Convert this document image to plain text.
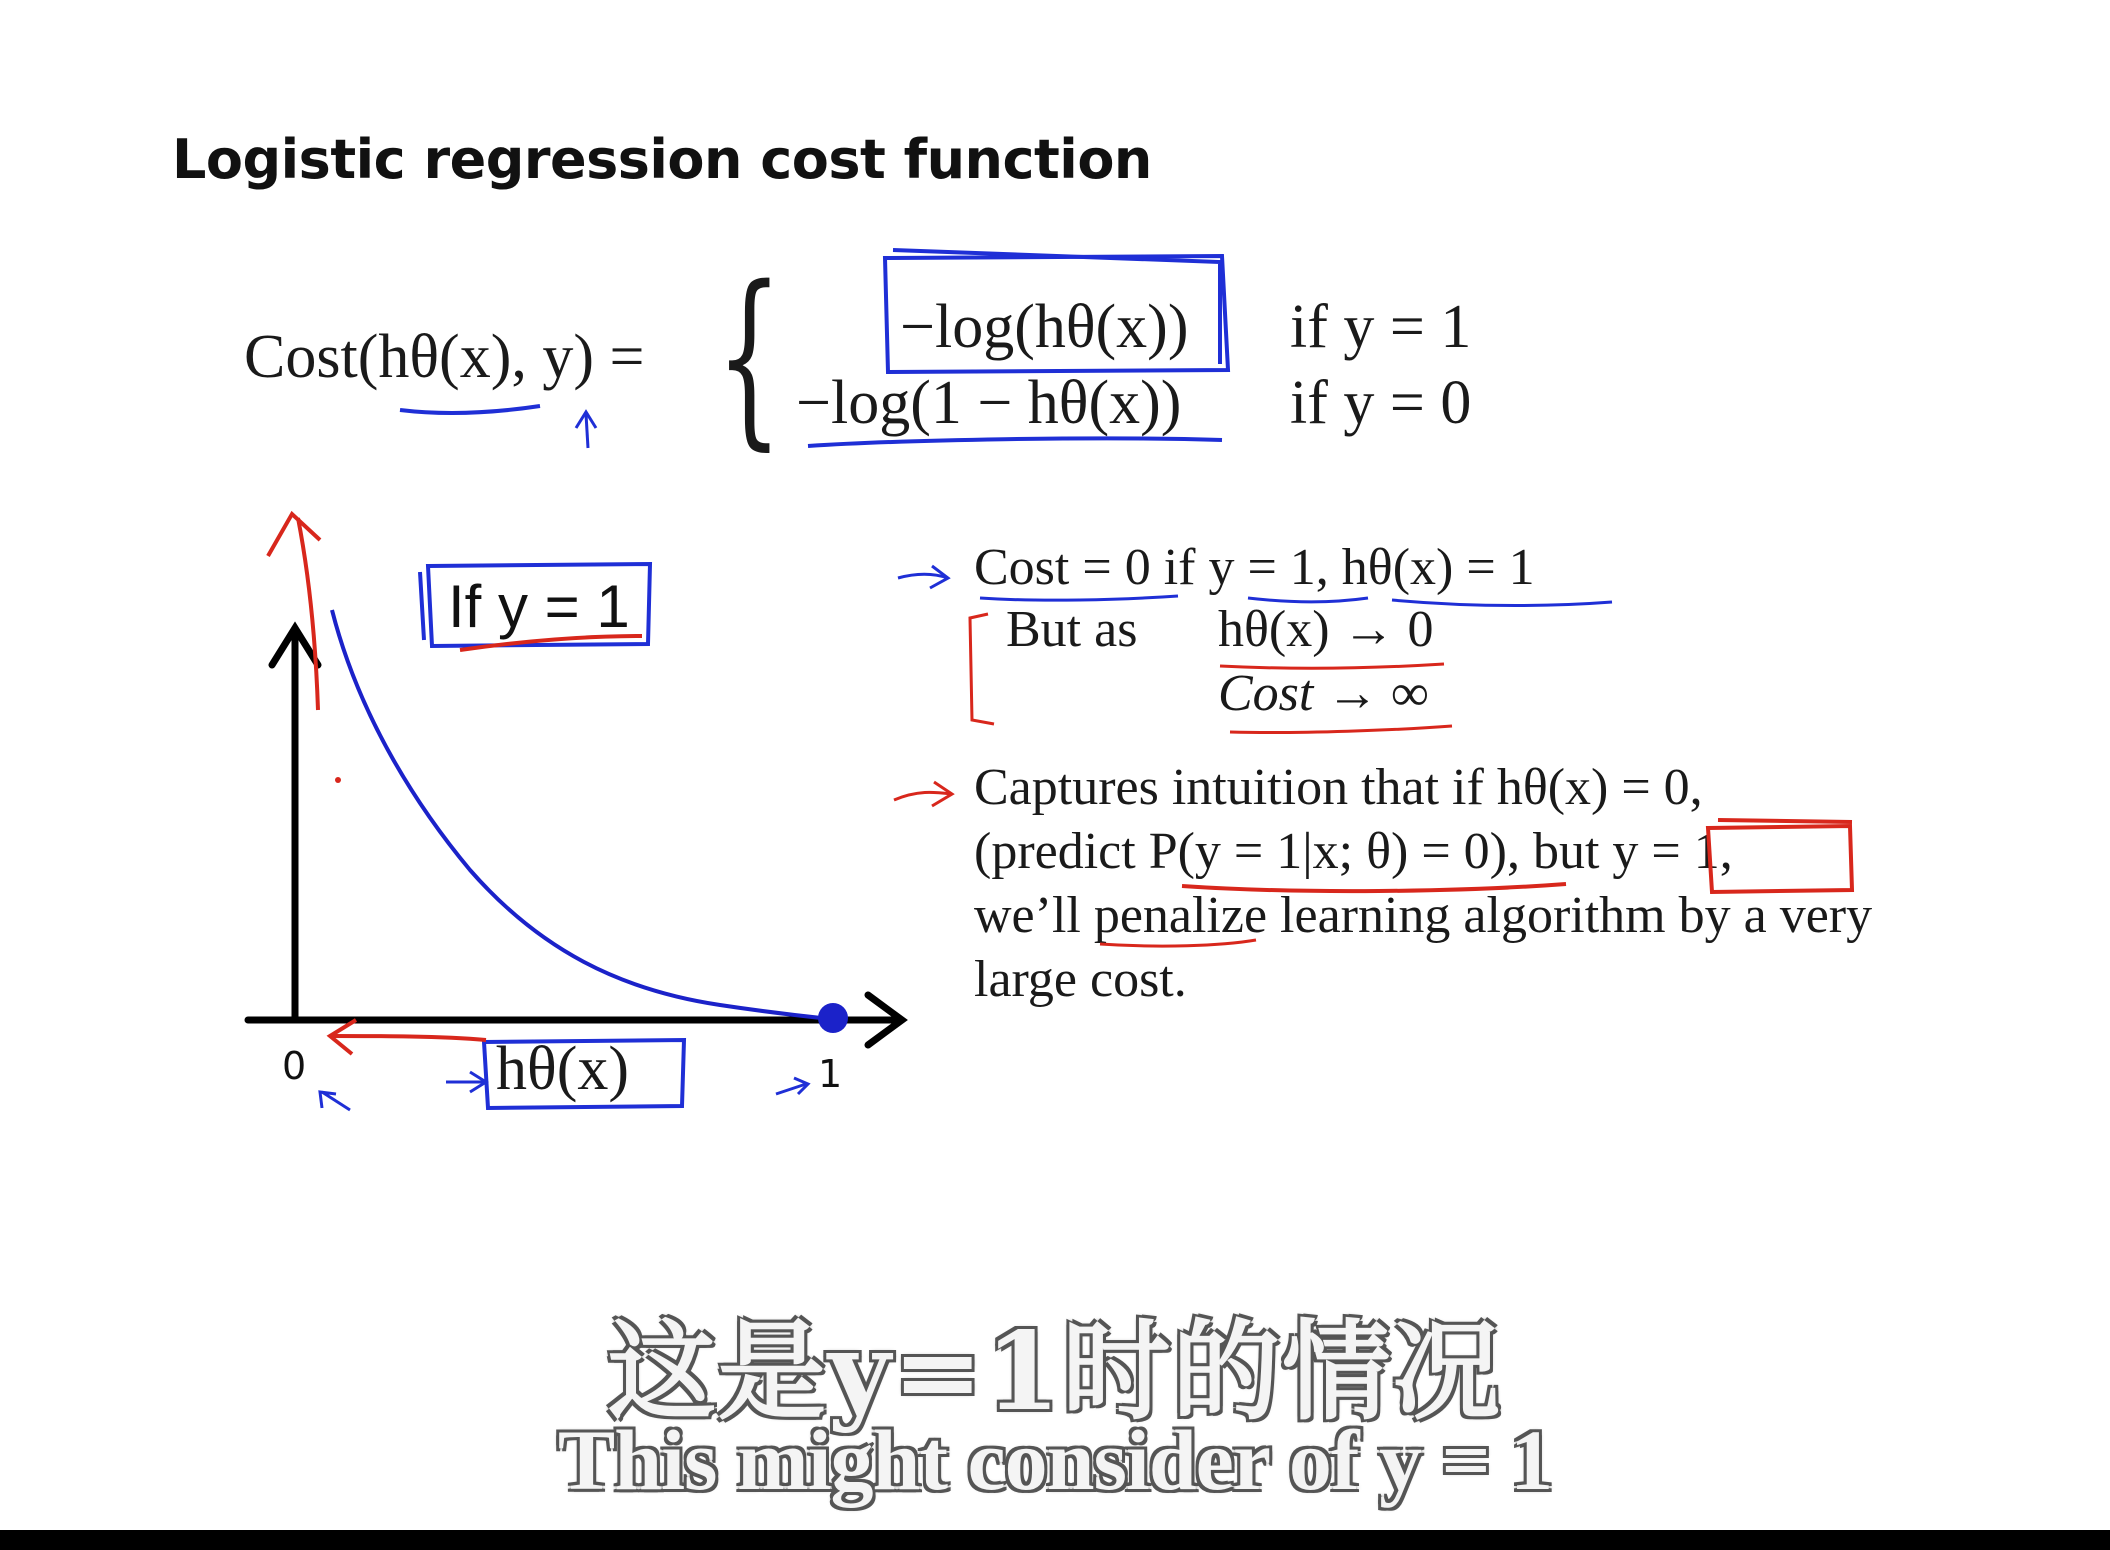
Logistic regression cost function
Cost(hθ(x), y) = { −log(hθ(x)) if y = 1
−log(1 − hθ(x)) if y = 0
If y = 1
hθ(x)
0	1
Cost = 0 if y = 1, hθ(x) = 1
But as hθ(x) → 0
Cost → ∞
Captures intuition that if hθ(x) = 0,
(predict P(y = 1|x; θ) = 0), but y = 1,
we’ll penalize learning algorithm by a very
large cost.
这是y=1时的情况
This might consider of y = 1
